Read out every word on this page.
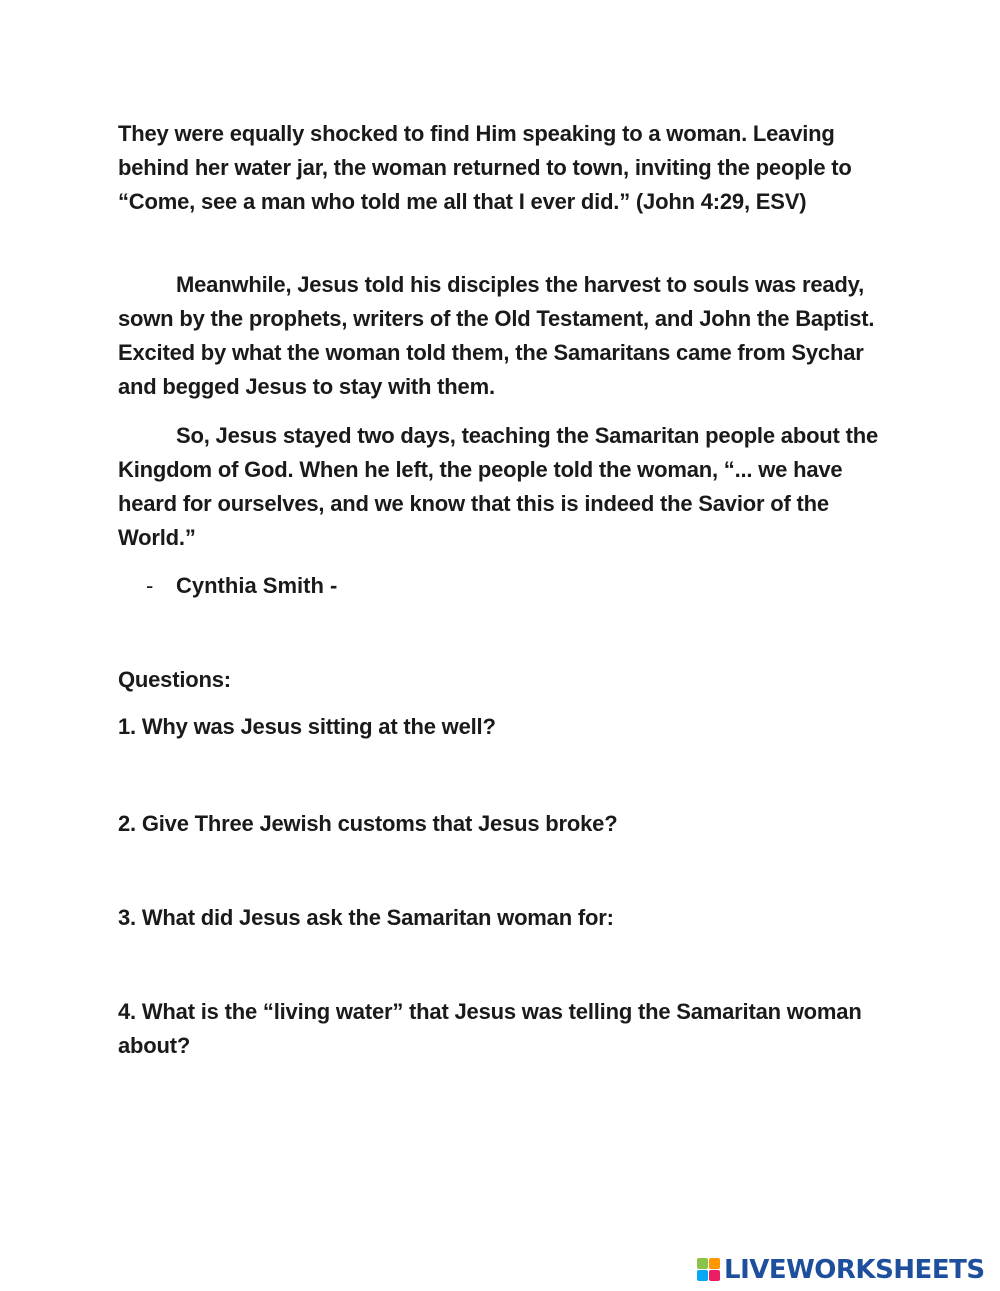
They were equally shocked to find Him speaking to a woman. Leaving behind her water jar, the woman returned to town, inviting the people to “Come, see a man who told me all that I ever did.” (John 4:29, ESV)

Meanwhile, Jesus told his disciples the harvest to souls was ready, sown by the prophets, writers of the Old Testament, and John the Baptist. Excited by what the woman told them, the Samaritans came from Sychar and begged Jesus to stay with them.

So, Jesus stayed two days, teaching the Samaritan people about the Kingdom of God. When he left, the people told the woman, “... we have heard for ourselves, and we know that this is indeed the Savior of the World.”

- Cynthia Smith -
Questions:
1. Why was Jesus sitting at the well?
2. Give Three Jewish customs that Jesus broke?
3. What did Jesus ask the Samaritan woman for:
4. What is the “living water” that Jesus was telling the Samaritan woman about?
LIVEWORKSHEETS
